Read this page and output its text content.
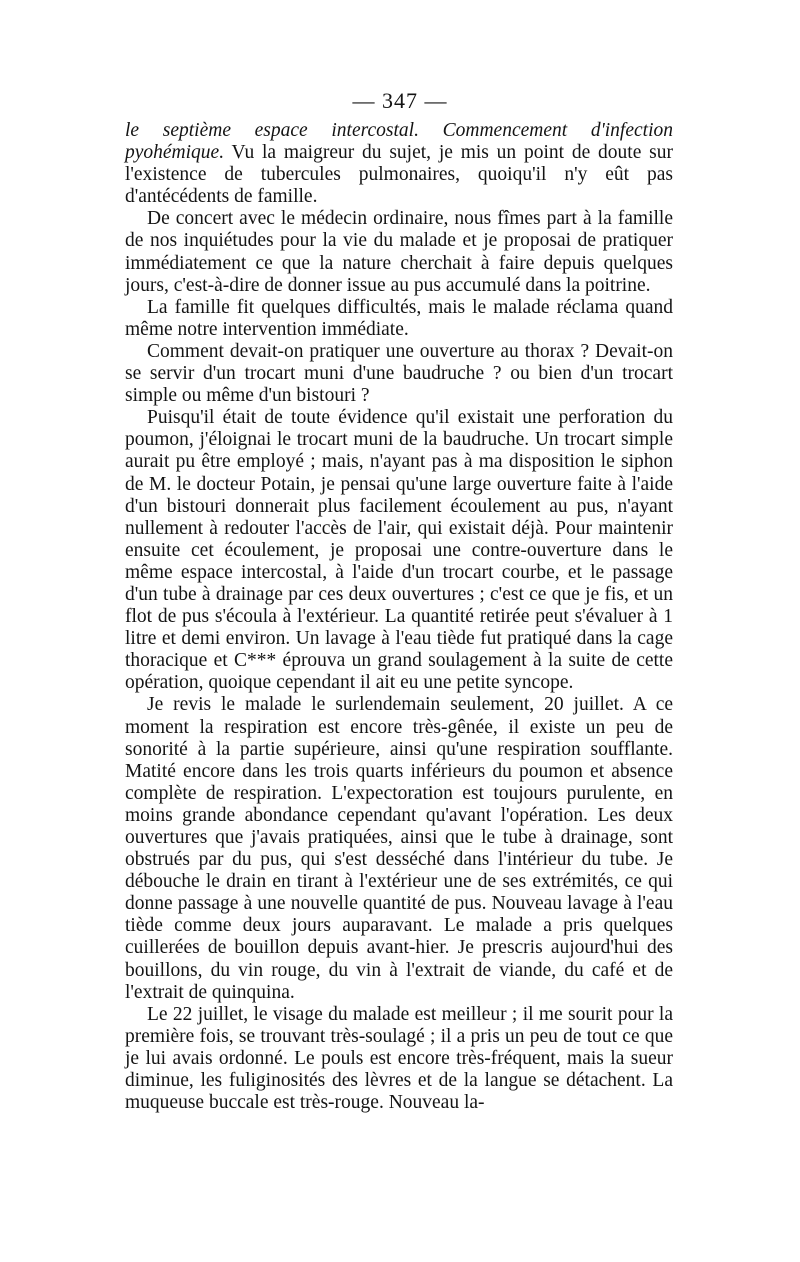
— 347 —

le septième espace intercostal. Commencement d'infection pyohémique. Vu la maigreur du sujet, je mis un point de doute sur l'existence de tubercules pulmonaires, quoiqu'il n'y eût pas d'antécédents de famille.

De concert avec le médecin ordinaire, nous fîmes part à la famille de nos inquiétudes pour la vie du malade et je proposai de pratiquer immédiatement ce que la nature cherchait à faire depuis quelques jours, c'est-à-dire de donner issue au pus accumulé dans la poitrine.

La famille fit quelques difficultés, mais le malade réclama quand même notre intervention immédiate.

Comment devait-on pratiquer une ouverture au thorax ? Devait-on se servir d'un trocart muni d'une baudruche ? ou bien d'un trocart simple ou même d'un bistouri ?

Puisqu'il était de toute évidence qu'il existait une perforation du poumon, j'éloignai le trocart muni de la baudruche. Un trocart simple aurait pu être employé ; mais, n'ayant pas à ma disposition le siphon de M. le docteur Potain, je pensai qu'une large ouverture faite à l'aide d'un bistouri donnerait plus facilement écoulement au pus, n'ayant nullement à redouter l'accès de l'air, qui existait déjà. Pour maintenir ensuite cet écoulement, je proposai une contre-ouverture dans le même espace intercostal, à l'aide d'un trocart courbe, et le passage d'un tube à drainage par ces deux ouvertures ; c'est ce que je fis, et un flot de pus s'écoula à l'extérieur. La quantité retirée peut s'évaluer à 1 litre et demi environ. Un lavage à l'eau tiède fut pratiqué dans la cage thoracique et C*** éprouva un grand soulagement à la suite de cette opération, quoique cependant il ait eu une petite syncope.

Je revis le malade le surlendemain seulement, 20 juillet. A ce moment la respiration est encore très-gênée, il existe un peu de sonorité à la partie supérieure, ainsi qu'une respiration soufflante. Matité encore dans les trois quarts inférieurs du poumon et absence complète de respiration. L'expectoration est toujours purulente, en moins grande abondance cependant qu'avant l'opération. Les deux ouvertures que j'avais pratiquées, ainsi que le tube à drainage, sont obstrués par du pus, qui s'est desséché dans l'intérieur du tube. Je débouche le drain en tirant à l'extérieur une de ses extrémités, ce qui donne passage à une nouvelle quantité de pus. Nouveau lavage à l'eau tiède comme deux jours auparavant. Le malade a pris quelques cuillerées de bouillon depuis avant-hier. Je prescris aujourd'hui des bouillons, du vin rouge, du vin à l'extrait de viande, du café et de l'extrait de quinquina.

Le 22 juillet, le visage du malade est meilleur ; il me sourit pour la première fois, se trouvant très-soulagé ; il a pris un peu de tout ce que je lui avais ordonné. Le pouls est encore très-fréquent, mais la sueur diminue, les fuliginosités des lèvres et de la langue se détachent. La muqueuse buccale est très-rouge. Nouveau la-
